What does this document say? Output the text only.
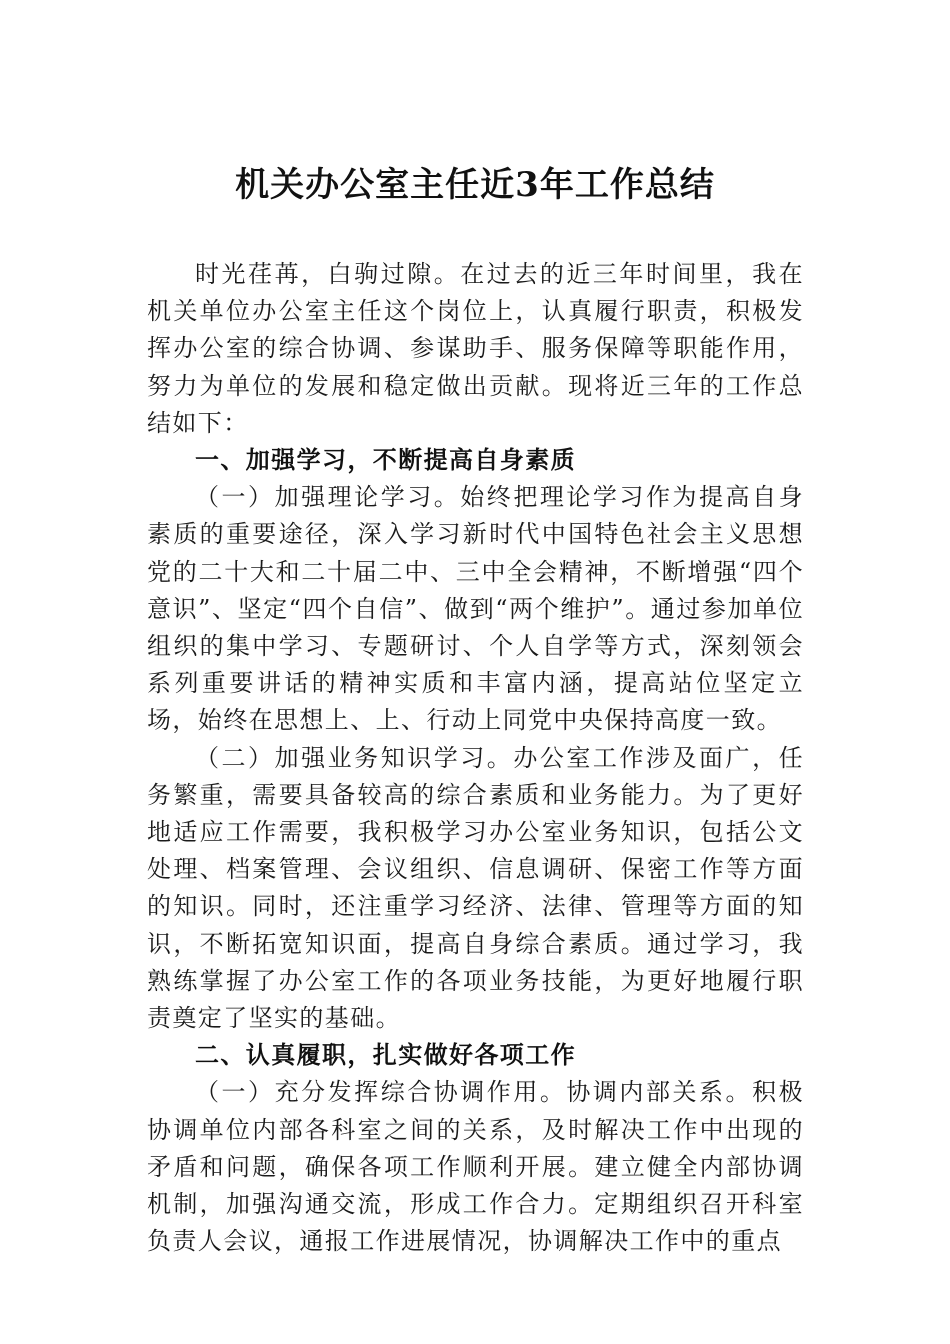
机关办公室主任近3年工作总结

时光荏苒，白驹过隙。在过去的近三年时间里，我在机关单位办公室主任这个岗位上，认真履行职责，积极发挥办公室的综合协调、参谋助手、服务保障等职能作用，努力为单位的发展和稳定做出贡献。现将近三年的工作总结如下：

一、加强学习，不断提高自身素质

（一）加强理论学习。始终把理论学习作为提高自身素质的重要途径，深入学习新时代中国特色社会主义思想党的二十大和二十届二中、三中全会精神，不断增强“四个意识”、坚定“四个自信”、做到“两个维护”。通过参加单位组织的集中学习、专题研讨、个人自学等方式，深刻领会系列重要讲话的精神实质和丰富内涵，提高站位坚定立场，始终在思想上、上、行动上同党中央保持高度一致。

（二）加强业务知识学习。办公室工作涉及面广，任务繁重，需要具备较高的综合素质和业务能力。为了更好地适应工作需要，我积极学习办公室业务知识，包括公文处理、档案管理、会议组织、信息调研、保密工作等方面的知识。同时，还注重学习经济、法律、管理等方面的知识，不断拓宽知识面，提高自身综合素质。通过学习，我熟练掌握了办公室工作的各项业务技能，为更好地履行职责奠定了坚实的基础。

二、认真履职，扎实做好各项工作

（一）充分发挥综合协调作用。协调内部关系。积极协调单位内部各科室之间的关系，及时解决工作中出现的矛盾和问题，确保各项工作顺利开展。建立健全内部协调机制，加强沟通交流，形成工作合力。定期组织召开科室负责人会议，通报工作进展情况，协调解决工作中的重点
